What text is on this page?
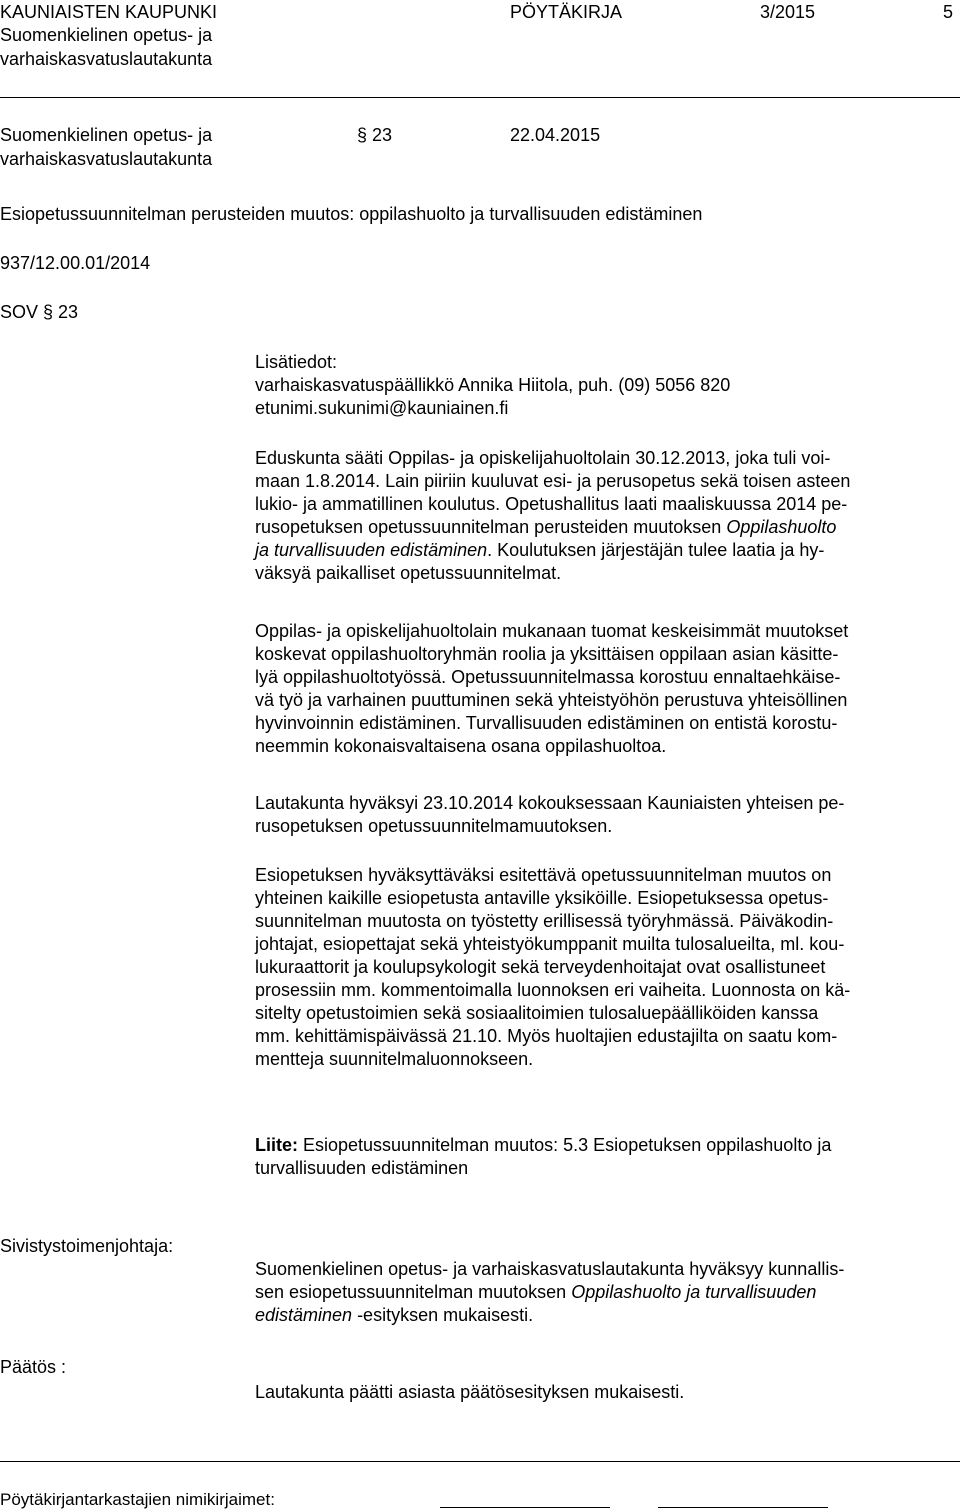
KAUNIAISTEN KAUPUNKI
Suomenkielinen opetus- ja
varhaiskasvatuslautakunta
PÖYTÄKIRJA	3/2015	5
Suomenkielinen opetus- ja
varhaiskasvatuslautakunta
§ 23	22.04.2015
Esiopetussuunnitelman perusteiden muutos: oppilashuolto ja turvallisuuden edistäminen
937/12.00.01/2014
SOV § 23
Lisätiedot:
varhaiskasvatuspäällikkö Annika Hiitola, puh. (09) 5056 820
etunimi.sukunimi@kauniainen.fi
Eduskunta sääti Oppilas- ja opiskelijahuoltolain 30.12.2013, joka tuli voi-
maan 1.8.2014. Lain piiriin kuuluvat esi- ja perusopetus sekä toisen asteen
lukio- ja ammatillinen koulutus. Opetushallitus laati maaliskuussa 2014 pe-
rusopetuksen opetussuunnitelman perusteiden muutoksen Oppilashuolto
ja turvallisuuden edistäminen. Koulutuksen järjestäjän tulee laatia ja hy-
väksyä paikalliset opetussuunnitelmat.
Oppilas- ja opiskelijahuoltolain mukanaan tuomat keskeisimmät muutokset
koskevat oppilashuoltoryhmän roolia ja yksittäisen oppilaan asian käsitte-
lyä oppilashuoltotyössä. Opetussuunnitelmassa korostuu ennaltaehkäise-
vä työ ja varhainen puuttuminen sekä yhteistyöhön perustuva yhteisöllinen
hyvinvoinnin edistäminen. Turvallisuuden edistäminen on entistä korostu-
neemmin kokonaisvaltaisena osana oppilashuoltoa.
Lautakunta hyväksyi 23.10.2014 kokouksessaan Kauniaisten yhteisen pe-
rusopetuksen opetussuunnitelmamuutoksen.
Esiopetuksen hyväksyttäväksi esitettävä opetussuunnitelman muutos on
yhteinen kaikille esiopetusta antaville yksiköille. Esiopetuksessa opetus-
suunnitelman muutosta on työstetty erillisessä työryhmässä. Päiväkodin-
johtajat, esiopettajat sekä yhteistyökumppanit muilta tulosalueilta, ml. kou-
lukuraattorit ja koulupsykologit sekä terveydenhoitajat ovat osallistuneet
prosessiin mm. kommentoimalla luonnoksen eri vaiheita. Luonnosta on kä-
sitelty opetustoimien sekä sosiaalitoimien tulosaluepäälliköiden kanssa
mm. kehittämispäivässä 21.10. Myös huoltajien edustajilta on saatu kom-
mentteja suunnitelmaluonnokseen.
Liite: Esiopetussuunnitelman muutos: 5.3 Esiopetuksen oppilashuolto ja
turvallisuuden edistäminen
Sivistystoimenjohtaja:
Suomenkielinen opetus- ja varhaiskasvatuslautakunta hyväksyy kunnallis-
sen esiopetussuunnitelman muutoksen Oppilashuolto ja turvallisuuden
edistäminen -esityksen mukaisesti.
Päätös :
Lautakunta päätti asiasta päätösesityksen mukaisesti.
Pöytäkirjantarkastajien nimikirjaimet:
